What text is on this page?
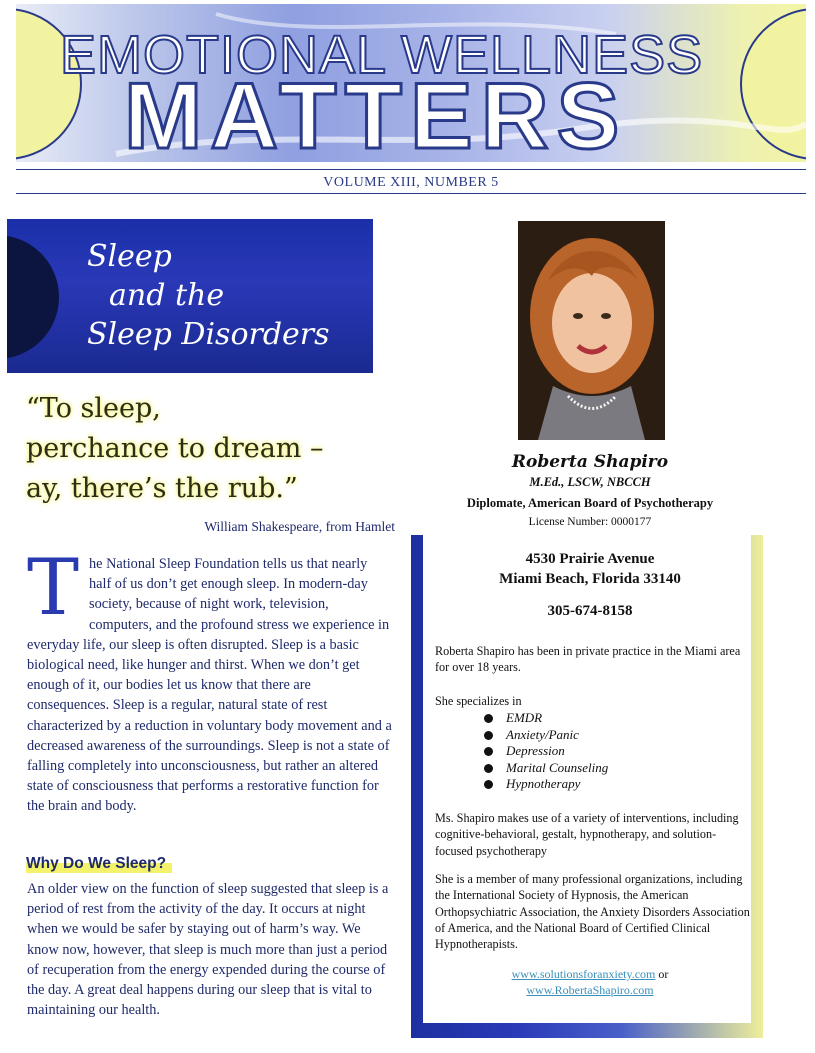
EMOTIONAL WELLNESS
MATTERS
VOLUME XIII, NUMBER 5
Sleep
and the
Sleep Disorders
“To sleep,
perchance to dream –
ay, there’s the rub.”
William Shakespeare, from Hamlet
T he National Sleep Foundation tells us that nearly half of us don’t get enough sleep. In modern-day society, because of night work, television, computers, and the profound stress we experience in everyday life, our sleep is often disrupted. Sleep is a basic biological need, like hunger and thirst. When we don’t get enough of it, our bodies let us know that there are consequences. Sleep is a regular, natural state of rest characterized by a reduction in voluntary body movement and a decreased awareness of the surroundings. Sleep is not a state of falling completely into unconsciousness, but rather an altered state of consciousness that performs a restorative function for the brain and body.
Why Do We Sleep?
An older view on the function of sleep suggested that sleep is a period of rest from the activity of the day. It occurs at night when we would be safer by staying out of harm’s way. We know now, however, that sleep is much more than just a period of recuperation from the energy expended during the course of the day. A great deal happens during our sleep that is vital to maintaining our health.
Roberta Shapiro
M.Ed., LSCW, NBCCH
Diplomate, American Board of Psychotherapy
License Number: 0000177
4530 Prairie Avenue
Miami Beach, Florida 33140
305-674-8158
Roberta Shapiro has been in private practice in the Miami area for over 18 years.
She specializes in
EMDR
Anxiety/Panic
Depression
Marital Counseling
Hypnotherapy
Ms. Shapiro makes use of a variety of interventions, including cognitive-behavioral, gestalt, hypnotherapy, and solution-focused psychotherapy
She is a member of many professional organizations, including the International Society of Hypnosis, the American Orthopsychiatric Association, the Anxiety Disorders Association of America, and the National Board of Certified Clinical Hypnotherapists.
www.solutionsforanxiety.com or
www.RobertaShapiro.com
